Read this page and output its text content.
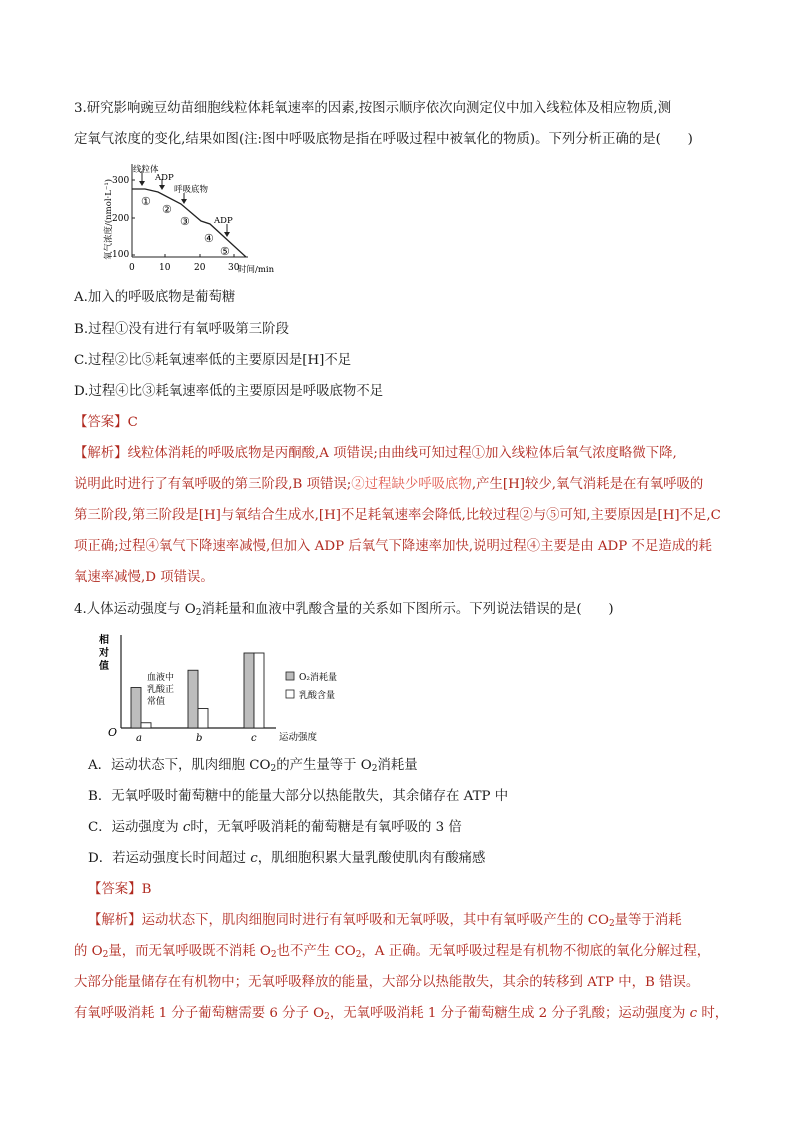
3.研究影响豌豆幼苗细胞线粒体耗氧速率的因素,按图示顺序依次向测定仪中加入线粒体及相应物质,测
定氧气浓度的变化,结果如图(注:图中呼吸底物是指在呼吸过程中被氧化的物质)。下列分析正确的是(　　)
氧气浓度/(nmol·L⁻¹)
300
200
100
0	10	20	30
时间/min
线粒体
ADP
呼吸底物
ADP
①
②
③
④
⑤
A.加入的呼吸底物是葡萄糖
B.过程①没有进行有氧呼吸第三阶段
C.过程②比⑤耗氧速率低的主要原因是[H]不足
D.过程④比③耗氧速率低的主要原因是呼吸底物不足
【答案】C
【解析】线粒体消耗的呼吸底物是丙酮酸,A 项错误;由曲线可知过程①加入线粒体后氧气浓度略微下降,
说明此时进行了有氧呼吸的第三阶段,B 项错误;②过程缺少呼吸底物,产生[H]较少,氧气消耗是在有氧呼吸的
第三阶段,第三阶段是[H]与氧结合生成水,[H]不足耗氧速率会降低,比较过程②与⑤可知,主要原因是[H]不足,C
项正确;过程④氧气下降速率减慢,但加入 ADP 后氧气下降速率加快,说明过程④主要是由 ADP 不足造成的耗
氧速率减慢,D 项错误。
4.人体运动强度与 $O_2$消耗量和血液中乳酸含量的关系如下图所示。下列说法错误的是(　　)
相
对
值
O	运动强度
a	b	c
血液中
乳酸正
常值
O₂消耗量
乳酸含量
A．运动状态下，肌肉细胞 $CO_2$的产生量等于 $O_2$消耗量
B．无氧呼吸时葡萄糖中的能量大部分以热能散失，其余储存在 ATP 中
C．运动强度为 c时，无氧呼吸消耗的葡萄糖是有氧呼吸的 3 倍
D．若运动强度长时间超过 c，肌细胞积累大量乳酸使肌肉有酸痛感
【答案】B
【解析】运动状态下，肌肉细胞同时进行有氧呼吸和无氧呼吸，其中有氧呼吸产生的 $CO_2$量等于消耗
的 $O_2$量，而无氧呼吸既不消耗 $O_2$也不产生 $CO_2$，A 正确。无氧呼吸过程是有机物不彻底的氧化分解过程，
大部分能量储存在有机物中；无氧呼吸释放的能量，大部分以热能散失，其余的转移到 ATP 中，B 错误。
有氧呼吸消耗 1 分子葡萄糖需要 6 分子 $O_2$，无氧呼吸消耗 1 分子葡萄糖生成 2 分子乳酸；运动强度为 c 时，
